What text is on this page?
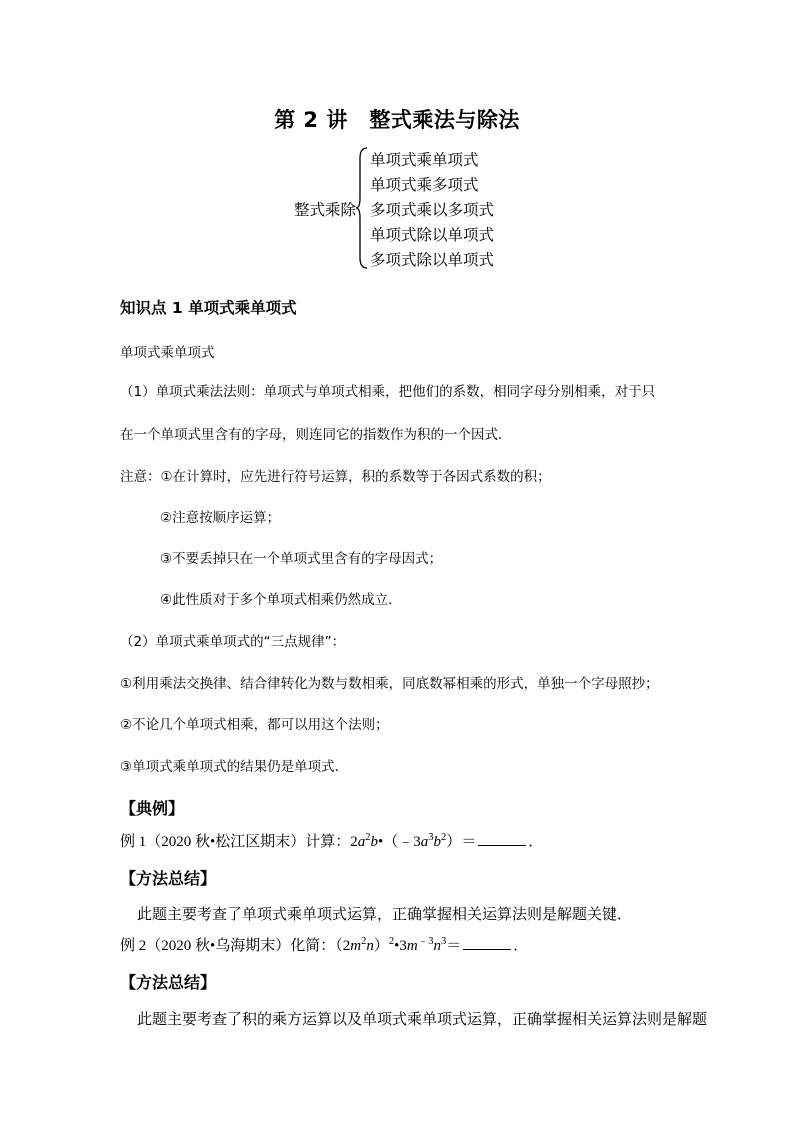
第 2 讲　整式乘法与除法
整式乘除
单项式乘单项式
单项式乘多项式
多项式乘以多项式
单项式除以单项式
多项式除以单项式
知识点 1 单项式乘单项式
单项式乘单项式
（1）单项式乘法法则：单项式与单项式相乘，把他们的系数，相同字母分别相乘，对于只
在一个单项式里含有的字母，则连同它的指数作为积的一个因式．
注意：①在计算时，应先进行符号运算，积的系数等于各因式系数的积；
②注意按顺序运算；
③不要丢掉只在一个单项式里含有的字母因式；
④此性质对于多个单项式相乘仍然成立．
（2）单项式乘单项式的“三点规律”：
①利用乘法交换律、结合律转化为数与数相乘，同底数幂相乘的形式，单独一个字母照抄；
②不论几个单项式相乘，都可以用这个法则；
③单项式乘单项式的结果仍是单项式．
【典例】
例 1（2020 秋•松江区期末）计算：$2a^2b•(﹣3a^3b^2)=$	．
【方法总结】
此题主要考查了单项式乘单项式运算，正确掌握相关运算法则是解题关键．
例 2（2020 秋•乌海期末）化简：$(2m^2n)^2•3m^{﹣3}n^3=$	．
【方法总结】
此题主要考查了积的乘方运算以及单项式乘单项式运算，正确掌握相关运算法则是解题
